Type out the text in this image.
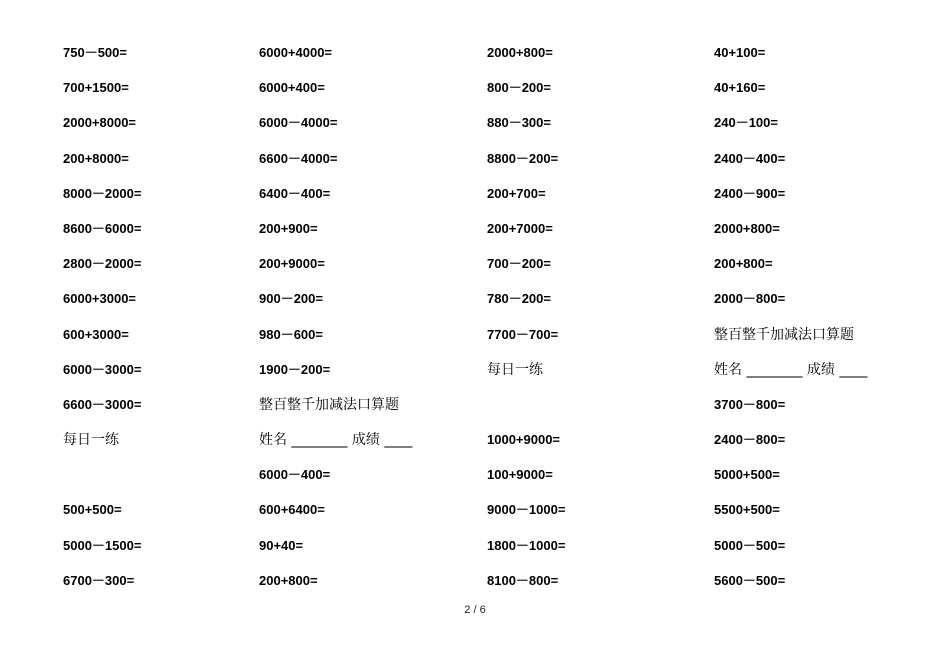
750－500=
700+1500=
2000+8000=
200+8000=
8000－2000=
8600－6000=
2800－2000=
6000+3000=
600+3000=
6000－3000=
6600－3000=
每日一练
500+500=
5000－1500=
6700－300=
6000+4000=
6000+400=
6000－4000=
6600－4000=
6400－400=
200+900=
200+9000=
900－200=
980－600=
1900－200=
整百整千加减法口算题
姓名 ________ 成绩 ____
6000－400=
600+6400=
90+40=
200+800=
2000+800=
800－200=
880－300=
8800－200=
200+700=
200+7000=
700－200=
780－200=
7700－700=
每日一练
1000+9000=
100+9000=
9000－1000=
1800－1000=
8100－800=
40+100=
40+160=
240－100=
2400－400=
2400－900=
2000+800=
200+800=
2000－800=
整百整千加减法口算题
姓名 ________ 成绩 ____
3700－800=
2400－800=
5000+500=
5500+500=
5000－500=
5600－500=
2 / 6
